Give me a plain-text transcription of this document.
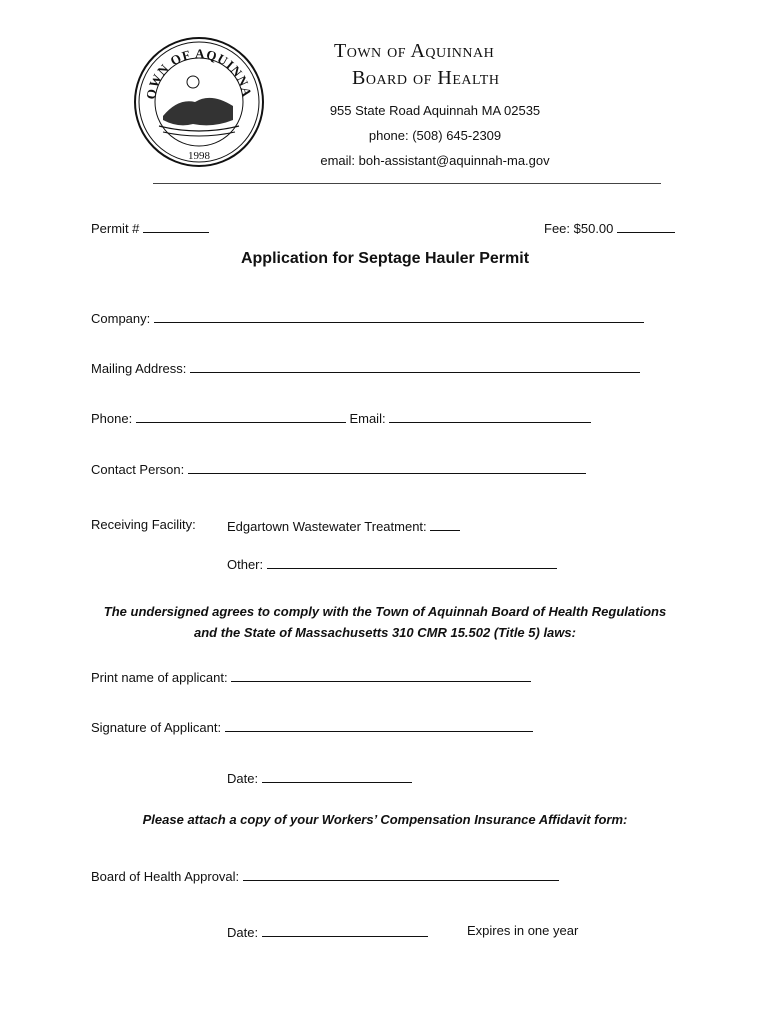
OWN OF AQUINNA
1998
Town of Aquinnah
Board of Health
955 State Road Aquinnah MA 02535
phone: (508) 645-2309
email: boh-assistant@aquinnah-ma.gov
Permit #	Fee: $50.00
Application for Septage Hauler Permit
Company:
Mailing Address:
Phone:	Email:
Contact Person:
Receiving Facility: Edgartown Wastewater Treatment:
Other:
The undersigned agrees to comply with the Town of Aquinnah Board of Health Regulations
and the State of Massachusetts 310 CMR 15.502 (Title 5) laws:
Print name of applicant:
Signature of Applicant:
Date:
Please attach a copy of your Workers’ Compensation Insurance Affidavit form:
Board of Health Approval:
Date:	Expires in one year
